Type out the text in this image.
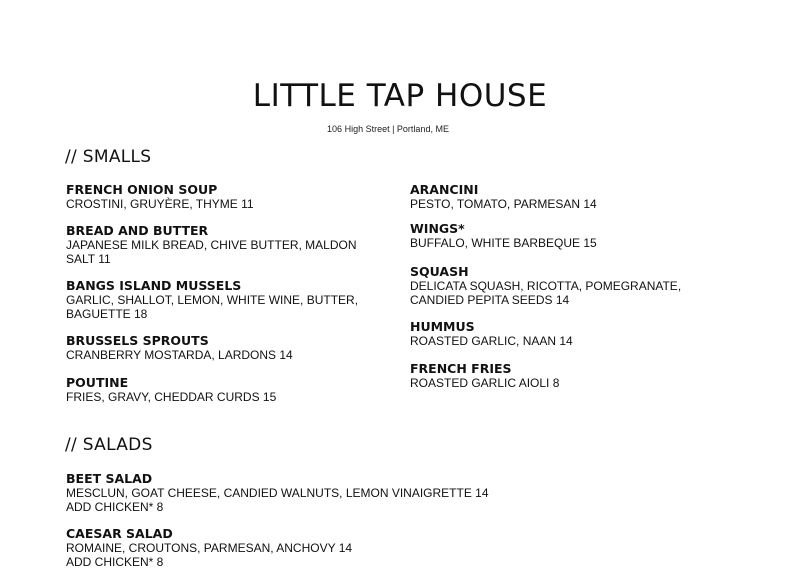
LITTLE TAP HOUSE
106 High Street | Portland, ME
// SMALLS
FRENCH ONION SOUP
CROSTINI, GRUYÈRE, THYME 11
BREAD AND BUTTER
JAPANESE MILK BREAD, CHIVE BUTTER, MALDON SALT 11
BANGS ISLAND MUSSELS
GARLIC, SHALLOT, LEMON, WHITE WINE, BUTTER, BAGUETTE 18
BRUSSELS SPROUTS
CRANBERRY MOSTARDA, LARDONS 14
POUTINE
FRIES, GRAVY, CHEDDAR CURDS 15
ARANCINI
PESTO, TOMATO, PARMESAN 14
WINGS*
BUFFALO, WHITE BARBEQUE 15
SQUASH
DELICATA SQUASH, RICOTTA, POMEGRANATE, CANDIED PEPITA SEEDS 14
HUMMUS
ROASTED GARLIC, NAAN 14
FRENCH FRIES
ROASTED GARLIC AIOLI 8
// SALADS
BEET SALAD
MESCLUN, GOAT CHEESE, CANDIED WALNUTS, LEMON VINAIGRETTE 14
ADD CHICKEN* 8
CAESAR SALAD
ROMAINE, CROUTONS, PARMESAN, ANCHOVY 14
ADD CHICKEN* 8
